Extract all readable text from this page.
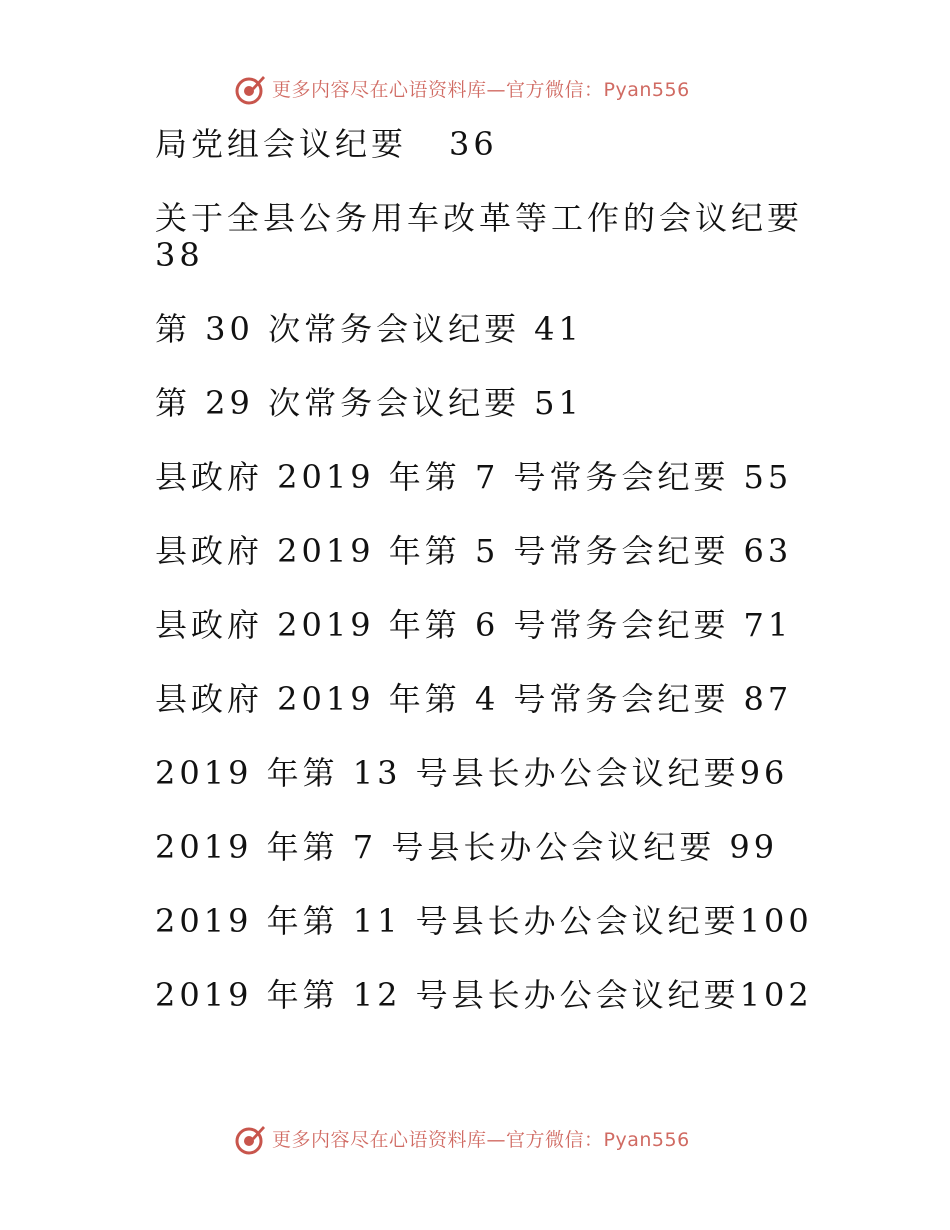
更多内容尽在心语资料库—官方微信：Pyan556
局党组会议纪要 36
关于全县公务用车改革等工作的会议纪要
38
第 30 次常务会议纪要 41
第 29 次常务会议纪要 51
县政府 2019 年第 7 号常务会纪要 55
县政府 2019 年第 5 号常务会纪要 63
县政府 2019 年第 6 号常务会纪要 71
县政府 2019 年第 4 号常务会纪要 87
2019 年第 13 号县长办公会议纪要96
2019 年第 7 号县长办公会议纪要 99
2019 年第 11 号县长办公会议纪要100
2019 年第 12 号县长办公会议纪要102
更多内容尽在心语资料库—官方微信：Pyan556
